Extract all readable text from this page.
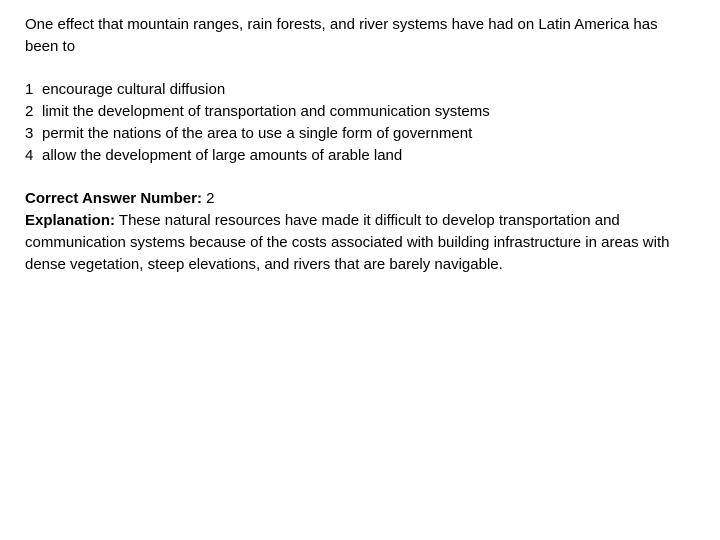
One effect that mountain ranges, rain forests, and river systems have had on Latin America has been to

1 encourage cultural diffusion
2 limit the development of transportation and communication systems
3 permit the nations of the area to use a single form of government
4 allow the development of large amounts of arable land
Correct Answer Number: 2
Explanation: These natural resources have made it difficult to develop transportation and communication systems because of the costs associated with building infrastructure in areas with dense vegetation, steep elevations, and rivers that are barely navigable.
